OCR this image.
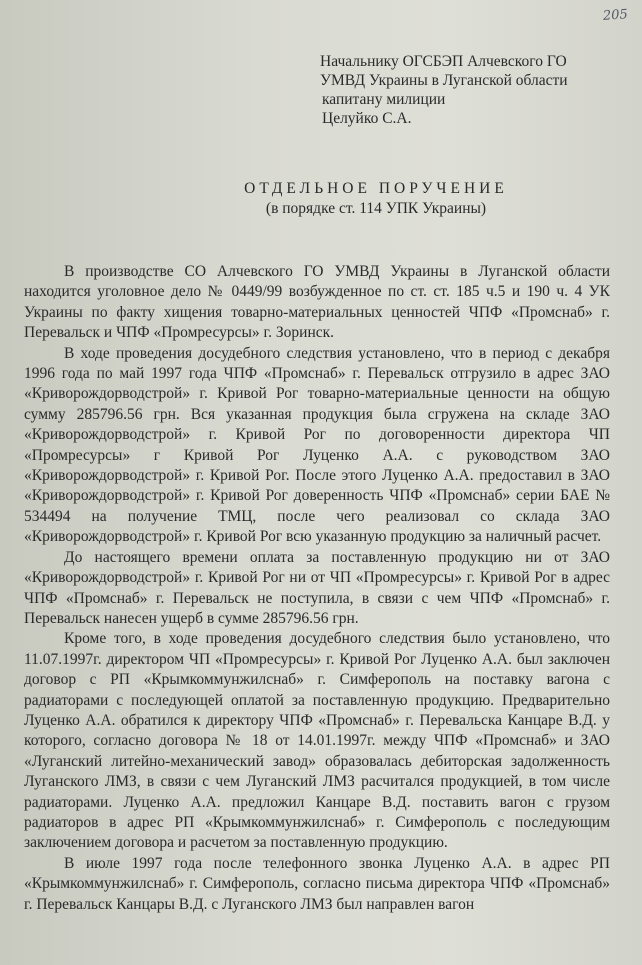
205
Начальнику ОГСБЭП Алчевского ГО
УМВД Украины в Луганской области
капитану милиции
Целуйко С.А.
ОТДЕЛЬНОЕ ПОРУЧЕНИЕ
(в порядке ст. 114 УПК Украины)

В производстве СО Алчевского ГО УМВД Украины в Луганской области находится уголовное дело № 0449/99 возбужденное по ст. ст. 185 ч.5 и 190 ч. 4 УК Украины по факту хищения товарно-материальных ценностей ЧПФ «Промснаб» г. Перевальск и ЧПФ «Промресурсы» г. Зоринск.

В ходе проведения досудебного следствия установлено, что в период с декабря 1996 года по май 1997 года ЧПФ «Промснаб» г. Перевальск отгрузило в адрес ЗАО «Криворождорводстрой» г. Кривой Рог товарно-материальные ценности на общую сумму 285796.56 грн. Вся указанная продукция была сгружена на складе ЗАО «Криворождорводстрой» г. Кривой Рог по договоренности директора ЧП «Промресурсы» г Кривой Рог Луценко А.А. с руководством ЗАО «Криворождорводстрой» г. Кривой Рог. После этого Луценко А.А. предоставил в ЗАО «Криворождорводстрой» г. Кривой Рог доверенность ЧПФ «Промснаб» серии БАЕ № 534494 на получение ТМЦ, после чего реализовал со склада ЗАО «Криворождорводстрой» г. Кривой Рог всю указанную продукцию за наличный расчет.

До настоящего времени оплата за поставленную продукцию ни от ЗАО «Криворождорводстрой» г. Кривой Рог ни от ЧП «Промресурсы» г. Кривой Рог в адрес ЧПФ «Промснаб» г. Перевальск не поступила, в связи с чем ЧПФ «Промснаб» г. Перевальск нанесен ущерб в сумме 285796.56 грн.

Кроме того, в ходе проведения досудебного следствия было установлено, что 11.07.1997г. директором ЧП «Промресурсы» г. Кривой Рог Луценко А.А. был заключен договор с РП «Крымкоммунжилснаб» г. Симферополь на поставку вагона с радиаторами с последующей оплатой за поставленную продукцию. Предварительно Луценко А.А. обратился к директору ЧПФ «Промснаб» г. Перевальска Канцаре В.Д. у которого, согласно договора № 18 от 14.01.1997г. между ЧПФ «Промснаб» и ЗАО «Луганский литейно-механический завод» образовалась дебиторская задолженность Луганского ЛМЗ, в связи с чем Луганский ЛМЗ расчитался продукцией, в том числе радиаторами. Луценко А.А. предложил Канцаре В.Д. поставить вагон с грузом радиаторов в адрес РП «Крымкоммунжилснаб» г. Симферополь с последующим заключением договора и расчетом за поставленную продукцию.

В июле 1997 года после телефонного звонка Луценко А.А. в адрес РП «Крымкоммунжилснаб» г. Симферополь, согласно письма директора ЧПФ «Промснаб» г. Перевальск Канцары В.Д. с Луганского ЛМЗ был направлен вагон
